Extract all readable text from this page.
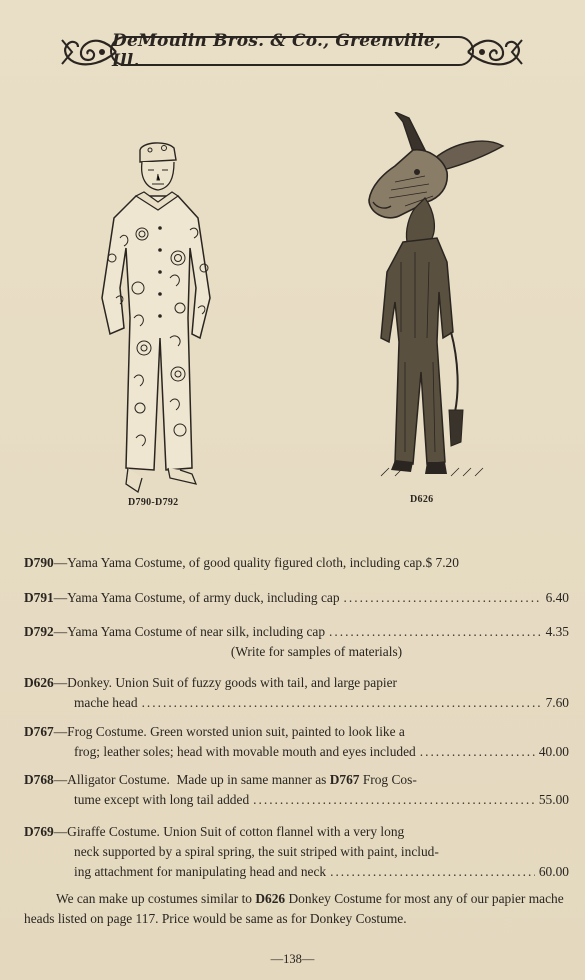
DeMoulin Bros. & Co., Greenville, Ill.
D790-D792	D626
D790 —Yama Yama Costume, of good quality figured cloth, including cap. $ 7.20
D791 —Yama Yama Costume, of army duck, including cap .....	6.40
D792 —Yama Yama Costume of near silk, including cap .....	4.35
(Write for samples of materials)
D626 —Donkey. Union Suit of fuzzy goods with tail, and large papier
mache head .....	7.60
D767 —Frog Costume. Green worsted union suit, painted to look like a
frog; leather soles; head with movable mouth and eyes included .....	40.00
D768 —Alligator Costume.  Made up in same manner as D767 Frog Cos-
tume except with long tail added .....	55.00
D769 —Giraffe Costume. Union Suit of cotton flannel with a very long
neck supported by a spiral spring, the suit striped with paint, includ-
ing attachment for manipulating head and neck .....	60.00
We can make up costumes similar to D626 Donkey Costume for most any of our papier mache heads listed on page 117. Price would be same as for Donkey Costume.
—138—
